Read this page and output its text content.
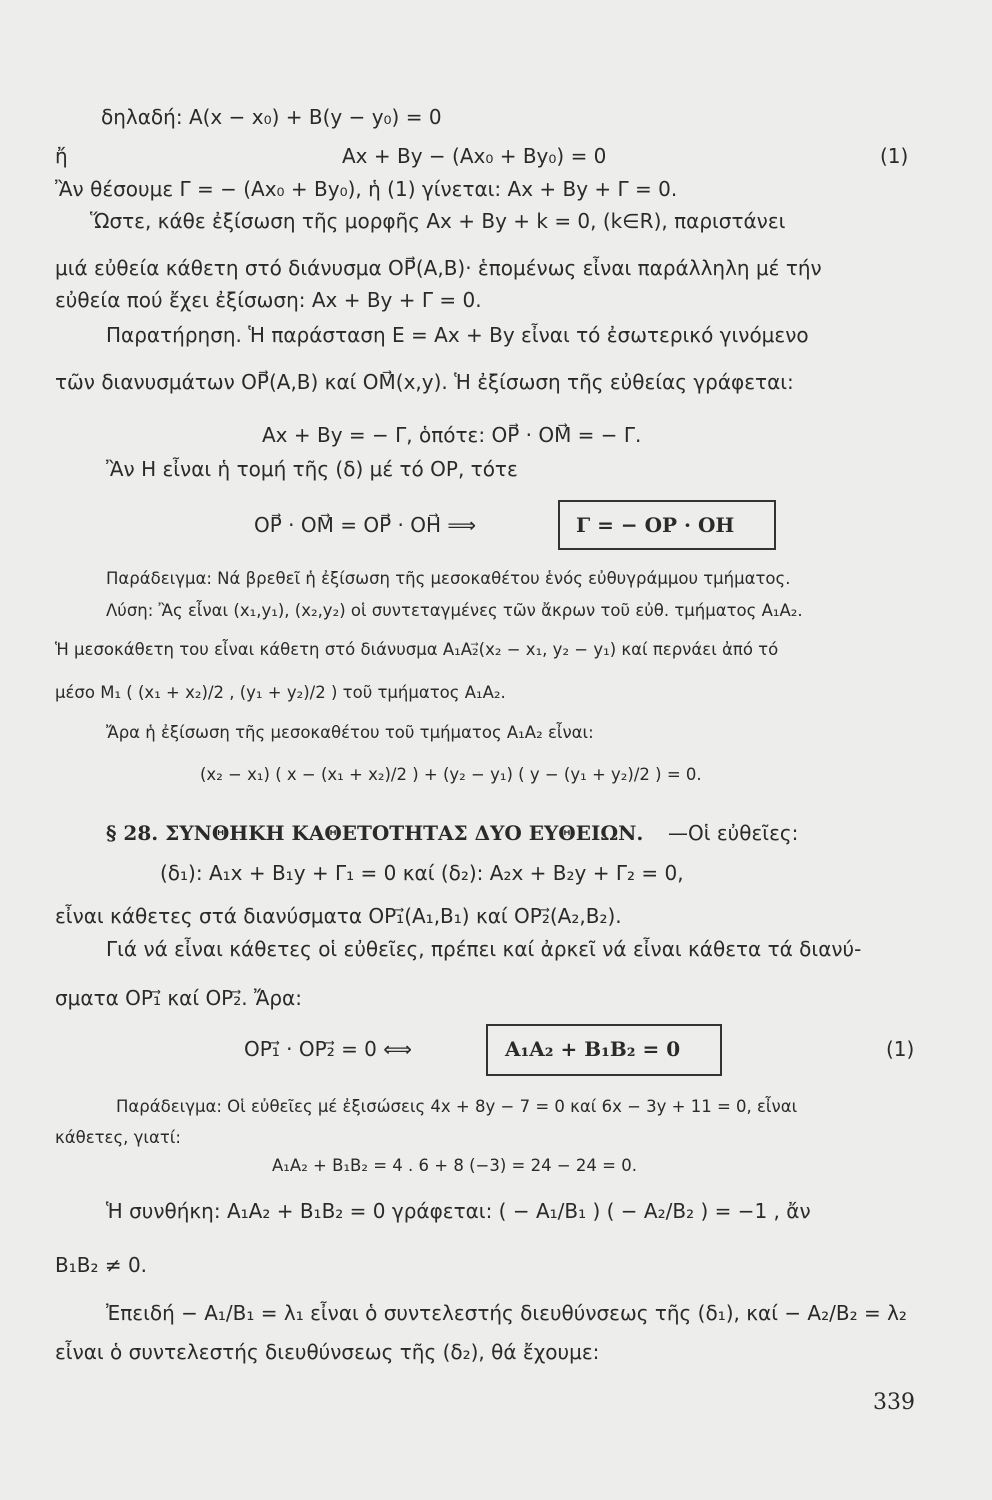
δηλαδή: A(x − x₀) + B(y − y₀) = 0
ἤ	Ax + By − (Ax₀ + By₀) = 0	(1)
Ἂν θέσουμε Γ = − (Ax₀ + By₀), ἡ (1) γίνεται: Ax + By + Γ = 0.
Ὥστε, κάθε ἐξίσωση τῆς μορφῆς Ax + By + k = 0, (k∈R), παριστάνει
μιά εὐθεία κάθετη στό διάνυσμα OP⃗(A,B)· ἑπομένως εἶναι παράλληλη μέ τήν
εὐθεία πού ἔχει ἐξίσωση: Ax + By + Γ = 0.
Παρατήρηση. Ἡ παράσταση E = Ax + By εἶναι τό ἐσωτερικό γινόμενο
τῶν διανυσμάτων OP⃗(A,B) καί OM⃗(x,y). Ἡ ἐξίσωση τῆς εὐθείας γράφεται:
Ax + By = − Γ, ὁπότε: OP⃗ · OM⃗ = − Γ.
Ἂν H εἶναι ἡ τομή τῆς (δ) μέ τό OP, τότε
OP⃗ · OM⃗ = OP⃗ · OH⃗ ⟹	Γ = − OP · OH
Παράδειγμα: Νά βρεθεῖ ἡ ἐξίσωση τῆς μεσοκαθέτου ἑνός εὐθυγράμμου τμήματος.
Λύση: Ἂς εἶναι (x₁,y₁), (x₂,y₂) οἱ συντεταγμένες τῶν ἄκρων τοῦ εὐθ. τμήματος A₁A₂.
Ἡ μεσοκάθετη του εἶναι κάθετη στό διάνυσμα A₁A₂⃗(x₂ − x₁, y₂ − y₁) καί περνάει ἀπό τό
μέσο M₁ ( (x₁ + x₂)/2 , (y₁ + y₂)/2 ) τοῦ τμήματος A₁A₂.
Ἄρα ἡ ἐξίσωση τῆς μεσοκαθέτου τοῦ τμήματος A₁A₂ εἶναι:
(x₂ − x₁) ( x − (x₁ + x₂)/2 ) + (y₂ − y₁) ( y − (y₁ + y₂)/2 ) = 0.
§ 28. ΣΥΝΘΗΚΗ ΚΑΘΕΤΟΤΗΤΑΣ ΔΥΟ ΕΥΘΕΙΩΝ. —Οἱ εὐθεῖες:
(δ₁): A₁x + B₁y + Γ₁ = 0 καί (δ₂): A₂x + B₂y + Γ₂ = 0,
εἶναι κάθετες στά διανύσματα OP₁⃗(A₁,B₁) καί OP₂⃗(A₂,B₂).
Γιά νά εἶναι κάθετες οἱ εὐθεῖες, πρέπει καί ἀρκεῖ νά εἶναι κάθετα τά διανύ-
σματα OP₁⃗ καί OP₂⃗. Ἄρα:
OP₁⃗ · OP₂⃗ = 0 ⟺	A₁A₂ + B₁B₂ = 0	(1)
Παράδειγμα: Οἱ εὐθεῖες μέ ἐξισώσεις 4x + 8y − 7 = 0 καί 6x − 3y + 11 = 0, εἶναι
κάθετες, γιατί:
A₁A₂ + B₁B₂ = 4 . 6 + 8 (−3) = 24 − 24 = 0.
Ἡ συνθήκη: A₁A₂ + B₁B₂ = 0 γράφεται: ( − A₁/B₁ ) ( − A₂/B₂ ) = −1 , ἄν
B₁B₂ ≠ 0.
Ἐπειδή − A₁/B₁ = λ₁ εἶναι ὁ συντελεστής διευθύνσεως τῆς (δ₁), καί − A₂/B₂ = λ₂
εἶναι ὁ συντελεστής διευθύνσεως τῆς (δ₂), θά ἔχουμε:
339
